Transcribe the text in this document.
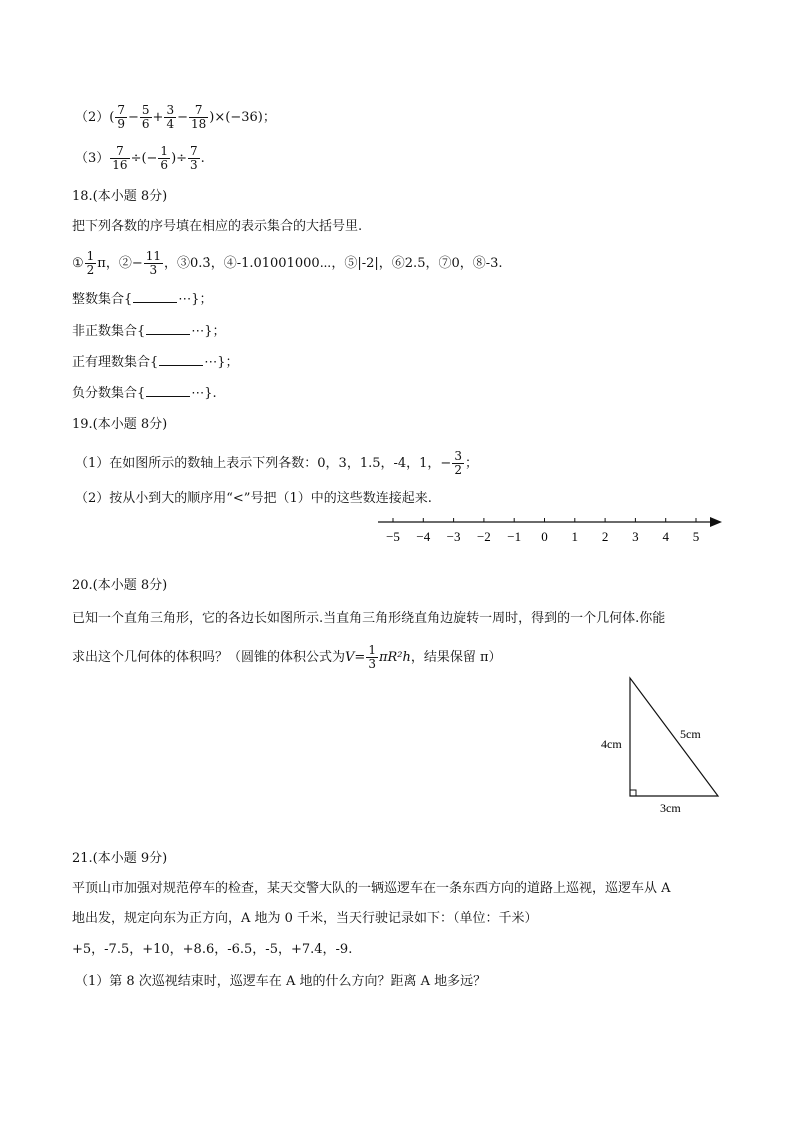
$(2)( \frac{7}{9} - \frac{5}{6} + \frac{3}{4} - \frac{7}{18} )\times(-36)$；
$(3) \frac{7}{16}$ ÷(− $\frac{1}{6}$ )÷ $\frac{7}{3}$ .
18.(本小题 8分)
把下列各数的序号填在相应的表示集合的大括号里.
① $\frac{1}{2}$ π，②− $\frac{11}{3}$ ，③0.3̇，④-1.01001000⋯，⑤|-2|，⑥2.5，⑦0，⑧-3.
整数集合{	⋯}；
非正数集合{	⋯}；
正有理数集合{	⋯}；
负分数集合{	⋯}.
19.(本小题 8分)
（1）在如图所示的数轴上表示下列各数：0，3，1.5，-4，1，− $\frac{3}{2}$ ；
（2）按从小到大的顺序用“<”号把（1）中的这些数连接起来.
−5 −4 −3 −2 −1 0 1 2 3 4 5
20.(本小题 8分)
已知一个直角三角形，它的各边长如图所示.当直角三角形绕直角边旋转一周时，得到的一个几何体.你能
求出这个几何体的体积吗？（圆锥的体积公式为$V= \frac{1}{3} \pi R^2h$，结果保留 π）
4cm
5cm
3cm
21.(本小题 9分)
平顶山市加强对规范停车的检查，某天交警大队的一辆巡逻车在一条东西方向的道路上巡视，巡逻车从 A
地出发，规定向东为正方向，A 地为 0 千米，当天行驶记录如下：（单位：千米）
+5，-7.5，+10，+8.6，-6.5，-5，+7.4，-9.
（1）第 8 次巡视结束时，巡逻车在 A 地的什么方向？距离 A 地多远？
